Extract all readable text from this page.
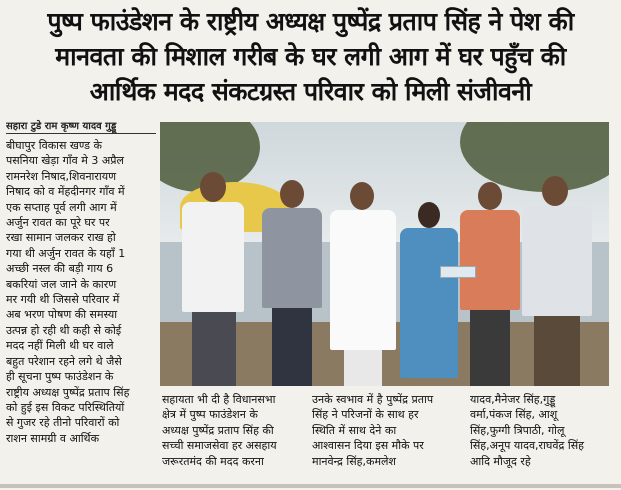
पुष्प फाउंडेशन के राष्ट्रीय अध्यक्ष पुष्पेंद्र प्रताप सिंह ने पेश की
मानवता की मिशाल गरीब के घर लगी आग में घर पहुँच की
आर्थिक मदद संकटग्रस्त परिवार को मिली संजीवनी
सहारा टुडे राम कृष्ण यादव गुड्डू
बीघापुर विकास खण्ड के
पसनिया खेड़ा गाँव मे 3 अप्रैल
रामनरेश निषाद,शिवनारायण
निषाद को व मेंहदीनगर गाँव में
एक सप्ताह पूर्व लगी आग में
अर्जुन रावत का पूरे घर पर
रखा सामान जलकर राख हो
गया थी अर्जुन रावत के यहाँ 1
अच्छी नस्ल की बड़ी गाय 6
बकरियां जल जाने के कारण
मर गयी थी जिससे परिवार में
अब भरण पोषण की समस्या
उत्पन्न हो रही थी कही से कोई
मदद नहीं मिली थी घर वाले
बहुत परेशान रहने लगे थे जैसे
ही सूचना पुष्प फाउंडेशन के
राष्ट्रीय अध्यक्ष पुष्पेंद्र प्रताप सिंह
को हुई इस विकट परिस्थितियों
से गुजर रहे तीनो परिवारों को
राशन सामग्री व आर्थिक
सहायता भी दी है विधानसभा
क्षेत्र में पुष्प फाउंडेशन के
अध्यक्ष पुष्पेंद्र प्रताप सिंह की
सच्ची समाजसेवा हर असहाय
जरूरतमंद की मदद करना
उनके स्वभाव में है पुष्पेंद्र प्रताप
सिंह ने परिजनों के साथ हर
स्थिति में साथ देने का
आश्वासन दिया इस मौके पर
मानवेन्द्र सिंह,कमलेश
यादव,मैनेजर सिंह,गुड्डू
वर्मा,पंकज सिंह, आशू
सिंह,फुग्गी त्रिपाठी, गोलू
सिंह,अनूप यादव,राघवेंद्र सिंह
आदि मौजूद रहे
